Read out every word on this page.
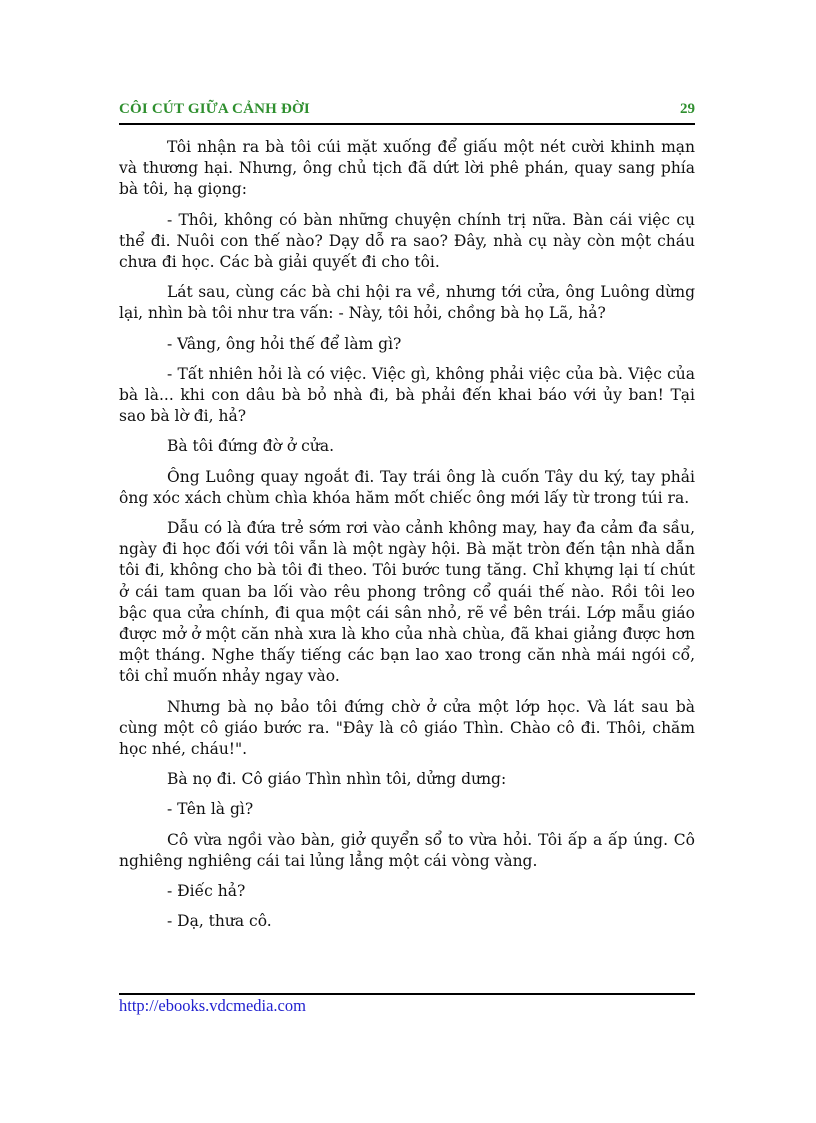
CÔI CÚT GIỮA CẢNH ĐỜI	29

Tôi nhận ra bà tôi cúi mặt xuống để giấu một nét cười khinh mạn và thương hại. Nhưng, ông chủ tịch đã dứt lời phê phán, quay sang phía bà tôi, hạ giọng:

- Thôi, không có bàn những chuyện chính trị nữa. Bàn cái việc cụ thể đi. Nuôi con thế nào? Dạy dỗ ra sao? Đây, nhà cụ này còn một cháu chưa đi học. Các bà giải quyết đi cho tôi.

Lát sau, cùng các bà chi hội ra về, nhưng tới cửa, ông Luông dừng lại, nhìn bà tôi như tra vấn: - Này, tôi hỏi, chồng bà họ Lã, hả?

- Vâng, ông hỏi thế để làm gì?

- Tất nhiên hỏi là có việc. Việc gì, không phải việc của bà. Việc của bà là... khi con dâu bà bỏ nhà đi, bà phải đến khai báo với ủy ban! Tại sao bà lờ đi, hả?

Bà tôi đứng đờ ở cửa.

Ông Luông quay ngoắt đi. Tay trái ông là cuốn Tây du ký, tay phải ông xóc xách chùm chìa khóa hăm mốt chiếc ông mới lấy từ trong túi ra.

Dẫu có là đứa trẻ sớm rơi vào cảnh không may, hay đa cảm đa sầu, ngày đi học đối với tôi vẫn là một ngày hội. Bà mặt tròn đến tận nhà dẫn tôi đi, không cho bà tôi đi theo. Tôi bước tung tăng. Chỉ khựng lại tí chút ở cái tam quan ba lối vào rêu phong trông cổ quái thế nào. Rồi tôi leo bậc qua cửa chính, đi qua một cái sân nhỏ, rẽ về bên trái. Lớp mẫu giáo được mở ở một căn nhà xưa là kho của nhà chùa, đã khai giảng được hơn một tháng. Nghe thấy tiếng các bạn lao xao trong căn nhà mái ngói cổ, tôi chỉ muốn nhảy ngay vào.

Nhưng bà nọ bảo tôi đứng chờ ở cửa một lớp học. Và lát sau bà cùng một cô giáo bước ra. "Đây là cô giáo Thìn. Chào cô đi. Thôi, chăm học nhé, cháu!".

Bà nọ đi. Cô giáo Thìn nhìn tôi, dửng dưng:

- Tên là gì?

Cô vừa ngồi vào bàn, giở quyển sổ to vừa hỏi. Tôi ấp a ấp úng. Cô nghiêng nghiêng cái tai lủng lẳng một cái vòng vàng.

- Điếc hả?

- Dạ, thưa cô.

http://ebooks.vdcmedia.com
